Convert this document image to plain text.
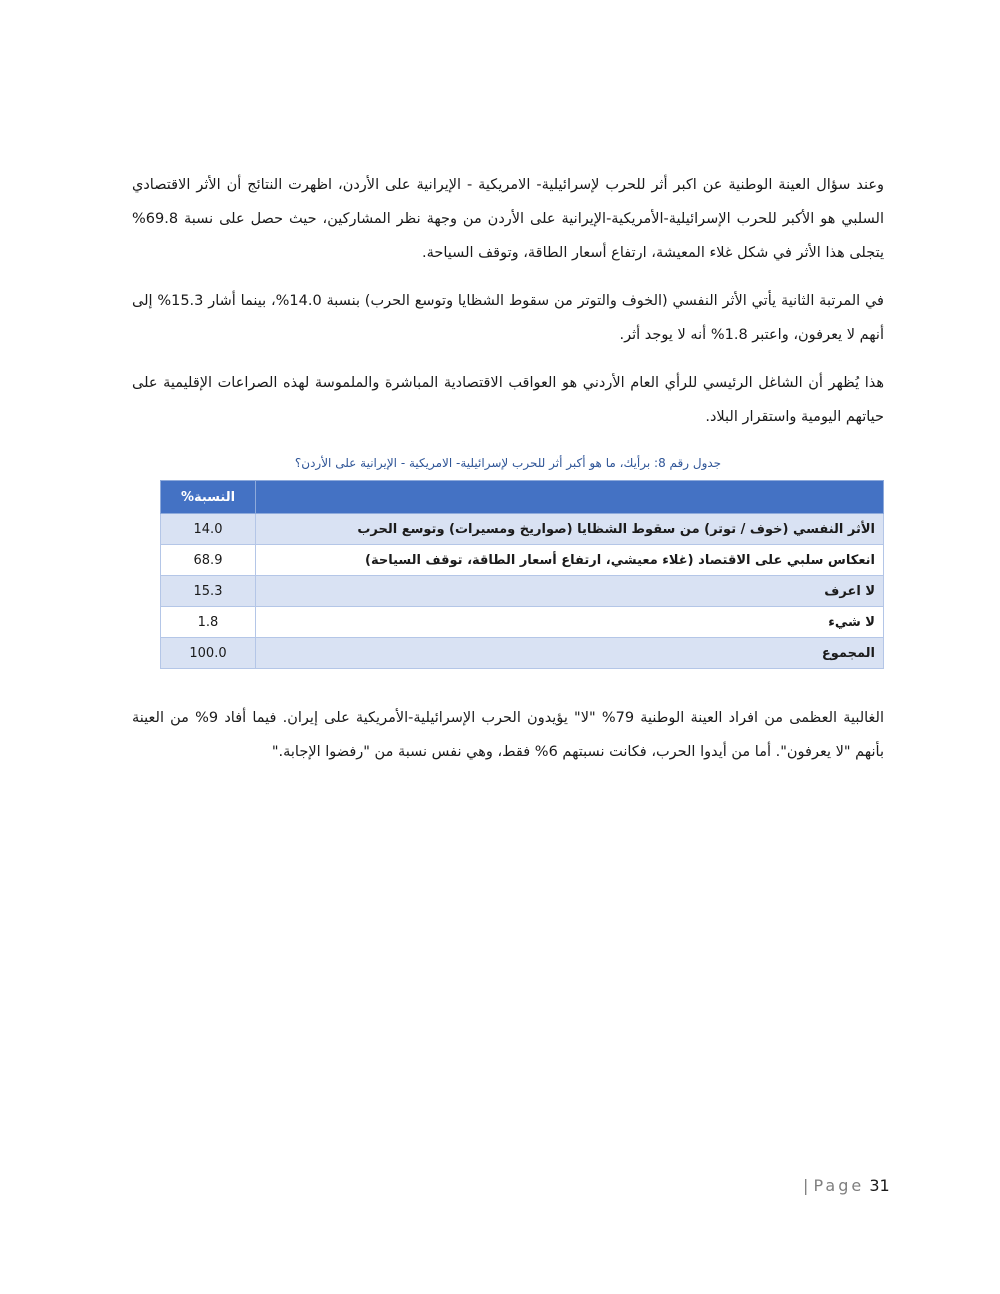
وعند سؤال العينة الوطنية عن اكبر أثر للحرب لإسرائيلية- الامريكية - الإيرانية على الأردن، اظهرت النتائج أن الأثر الاقتصادي السلبي هو الأكبر للحرب الإسرائيلية-الأمريكية-الإيرانية على الأردن من وجهة نظر المشاركين، حيث حصل على نسبة 69.8% يتجلى هذا الأثر في شكل غلاء المعيشة، ارتفاع أسعار الطاقة، وتوقف السياحة.

في المرتبة الثانية يأتي الأثر النفسي (الخوف والتوتر من سقوط الشظايا وتوسع الحرب) بنسبة 14.0%، بينما أشار 15.3% إلى أنهم لا يعرفون، واعتبر 1.8% أنه لا يوجد أثر.

هذا يُظهر أن الشاغل الرئيسي للرأي العام الأردني هو العواقب الاقتصادية المباشرة والملموسة لهذه الصراعات الإقليمية على حياتهم اليومية واستقرار البلاد.

جدول رقم 8: برأيك، ما هو أكبر أثر للحرب لإسرائيلية- الامريكية - الإيرانية على الأردن؟
	النسبة%
الأثر النفسي (خوف / توتر) من سقوط الشظايا (صواريخ ومسيرات) وتوسع الحرب	14.0
انعكاس سلبي على الاقتصاد (غلاء معيشي، ارتفاع أسعار الطاقة، توقف السياحة)	68.9
لا اعرف	15.3
لا شيء	1.8
المجموع	100.0

الغالبية العظمى من افراد العينة الوطنية 79% "لا" يؤيدون الحرب الإسرائيلية-الأمريكية على إيران. فيما أفاد 9% من العينة بأنهم "لا يعرفون". أما من أيدوا الحرب، فكانت نسبتهم 6% فقط، وهي نفس نسبة من "رفضوا الإجابة."

| Page 31
